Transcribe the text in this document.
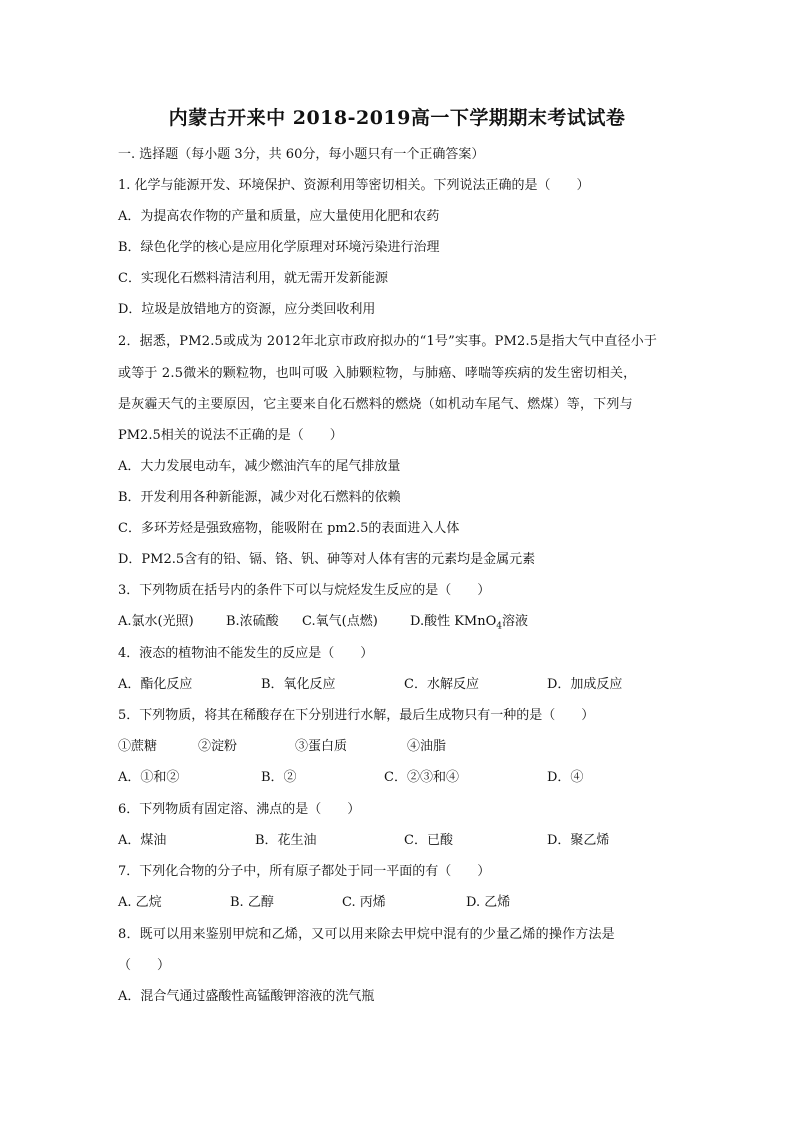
内蒙古开来中 2018-2019高一下学期期末考试试卷
一. 选择题（每小题 3分，共 60分，每小题只有一个正确答案）
1. 化学与能源开发、环境保护、资源利用等密切相关。下列说法正确的是（　　）
A．为提高农作物的产量和质量，应大量使用化肥和农药
B．绿色化学的核心是应用化学原理对环境污染进行治理
C．实现化石燃料清洁利用，就无需开发新能源
D．垃圾是放错地方的资源，应分类回收利用
2．据悉，PM2.5或成为 2012年北京市政府拟办的“1号”实事。PM2.5是指大气中直径小于
或等于 2.5微米的颗粒物，也叫可吸 入肺颗粒物，与肺癌、哮喘等疾病的发生密切相关，
是灰霾天气的主要原因，它主要来自化石燃料的燃烧（如机动车尾气、燃煤）等，下列与
PM2.5相关的说法不正确的是（　　）
A．大力发展电动车，减少燃油汽车的尾气排放量
B．开发利用各种新能源，减少对化石燃料的依赖
C．多环芳烃是强致癌物，能吸附在 pm2.5的表面进入人体
D．PM2.5含有的铅、镉、铬、钒、砷等对人体有害的元素均是金属元素
3．下列物质在括号内的条件下可以与烷烃发生反应的是（　　）
A.氯水(光照) B.浓硫酸 C.氧气(点燃) D.酸性 KMnO$_4$溶液
4．液态的植物油不能发生的反应是（　　）
A．酯化反应	B．氧化反应	C．水解反应	D．加成反应
5．下列物质，将其在稀酸存在下分别进行水解，最后生成物只有一种的是（　　）
①蔗糖	②淀粉	③蛋白质	④油脂
A．①和②	B．②	C．②③和④	D．④
6．下列物质有固定溶、沸点的是（　　）
A．煤油	B．花生油	C．已酸	D．聚乙烯
7．下列化合物的分子中，所有原子都处于同一平面的有（　　）
A. 乙烷	B. 乙醇	C. 丙烯	D. 乙烯
8．既可以用来鉴别甲烷和乙烯，又可以用来除去甲烷中混有的少量乙烯的操作方法是
（　　）
A．混合气通过盛酸性高锰酸钾溶液的洗气瓶
